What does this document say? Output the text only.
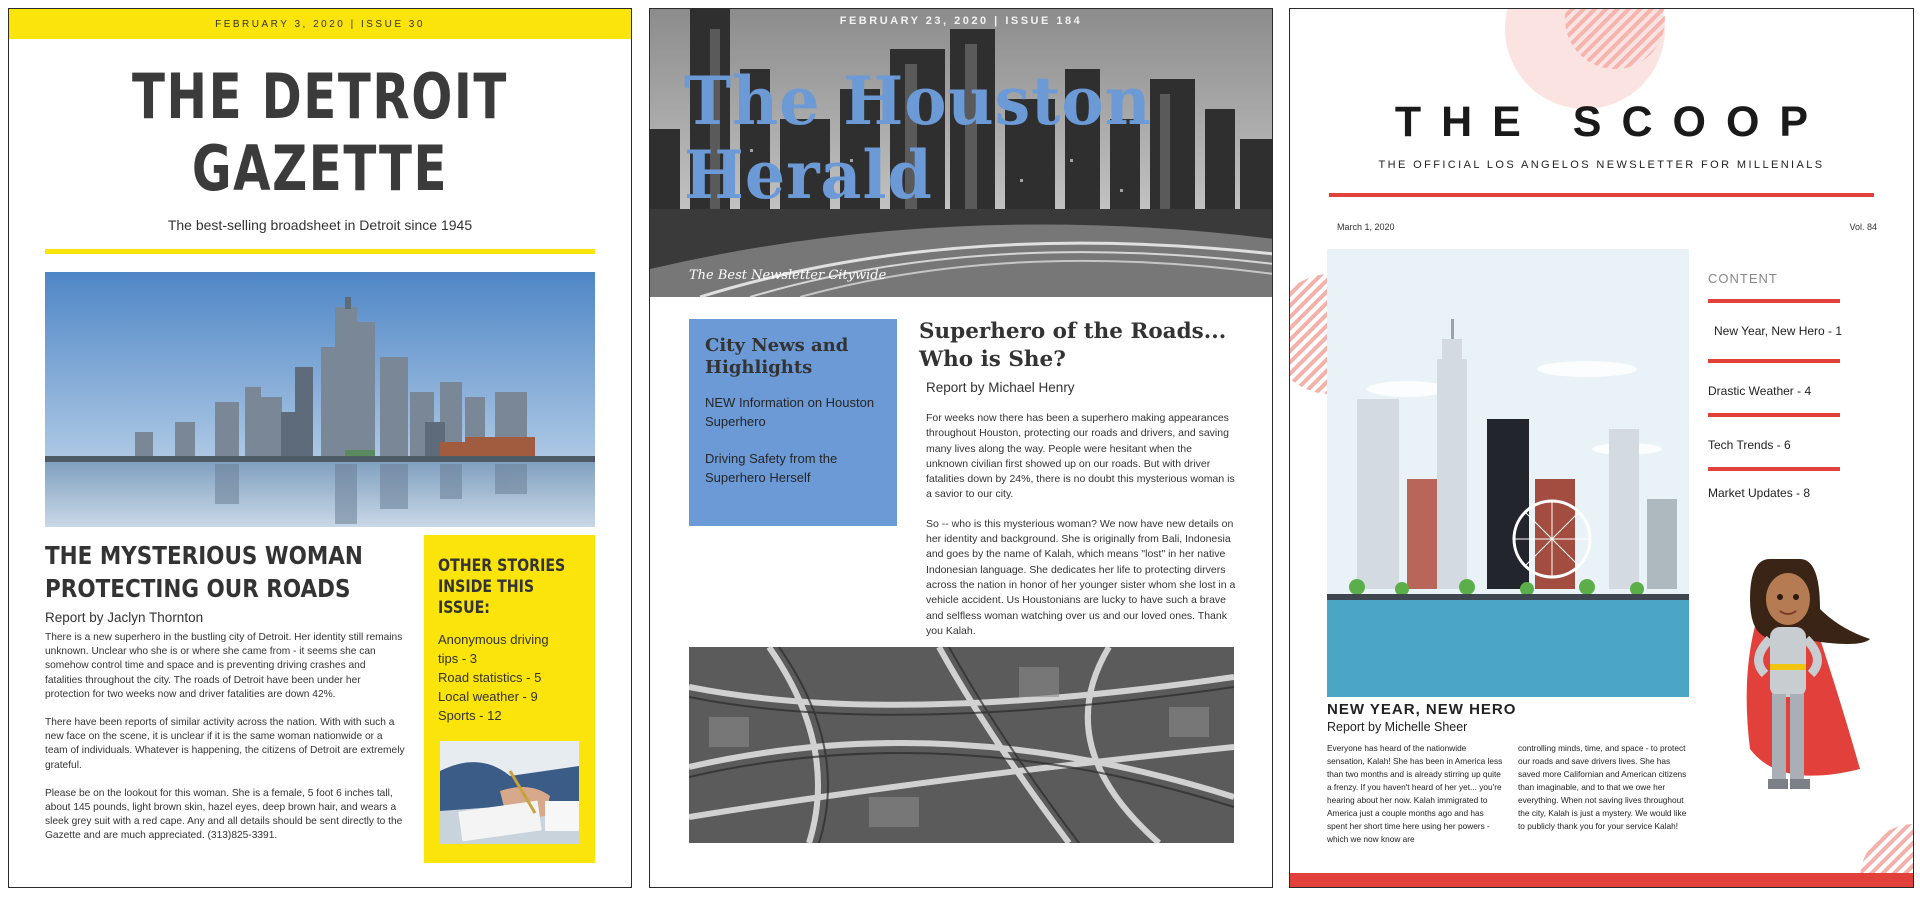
FEBRUARY 3, 2020 | ISSUE 30
THE DETROIT
GAZETTE
The best-selling broadsheet in Detroit since 1945
THE MYSTERIOUS WOMAN
PROTECTING OUR ROADS
Report by Jaclyn Thornton

There is a new superhero in the bustling city of Detroit. Her identity still remains unknown. Unclear who she is or where she came from - it seems she can somehow control time and space and is preventing driving crashes and fatalities throughout the city. The roads of Detroit have been under her protection for two weeks now and driver fatalities are down 42%.

There have been reports of similar activity across the nation. With with such a new face on the scene, it is unclear if it is the same woman nationwide or a team of individuals. Whatever is happening, the citizens of Detroit are extremely grateful.

Please be on the lookout for this woman. She is a female, 5 foot 6 inches tall, about 145 pounds, light brown skin, hazel eyes, deep brown hair, and wears a sleek grey suit with a red cape. Any and all details should be sent directly to the Gazette and are much appreciated. (313)825-3391.

OTHER STORIES
INSIDE THIS
ISSUE:
Anonymous driving
tips - 3
Road statistics - 5
Local weather - 9
Sports - 12
FEBRUARY 23, 2020 | ISSUE 184
The Houston
Herald
The Best Newsletter Citywide
City News and Highlights
NEW Information on Houston Superhero
Driving Safety from the Superhero Herself
Superhero of the Roads... Who is She?
Report by Michael Henry

For weeks now there has been a superhero making appearances throughout Houston, protecting our roads and drivers, and saving many lives along the way. People were hesitant when the unknown civilian first showed up on our roads. But with driver fatalities down by 24%, there is no doubt this mysterious woman is a savior to our city.

So -- who is this mysterious woman? We now have new details on her identity and background. She is originally from Bali, Indonesia and goes by the name of Kalah, which means "lost" in her native Indonesian language. She dedicates her life to protecting dirvers across the nation in honor of her younger sister whom she lost in a vehicle accident. Us Houstonians are lucky to have such a brave and selfless woman watching over us and our loved ones. Thank you Kalah.

THE SCOOP
THE OFFICIAL LOS ANGELOS NEWSLETTER FOR MILLENIALS
March 1, 2020	Vol. 84
CONTENT
New Year, New Hero - 1
Drastic Weather - 4
Tech Trends - 6
Market Updates - 8
NEW YEAR, NEW HERO
Report by Michelle Sheer
Everyone has heard of the nationwide sensation, Kalah! She has been in America less than two months and is already stirring up quite a frenzy. If you haven't heard of her yet... you're hearing about her now. Kalah immigrated to America just a couple months ago and has spent her short time here using her powers - which we now know are
controlling minds, time, and space - to protect our roads and save drivers lives. She has saved more Californian and American citizens than imaginable, and to that we owe her everything. When not saving lives throughout the city, Kalah is just a mystery. We would like to publicly thank you for your service Kalah!
